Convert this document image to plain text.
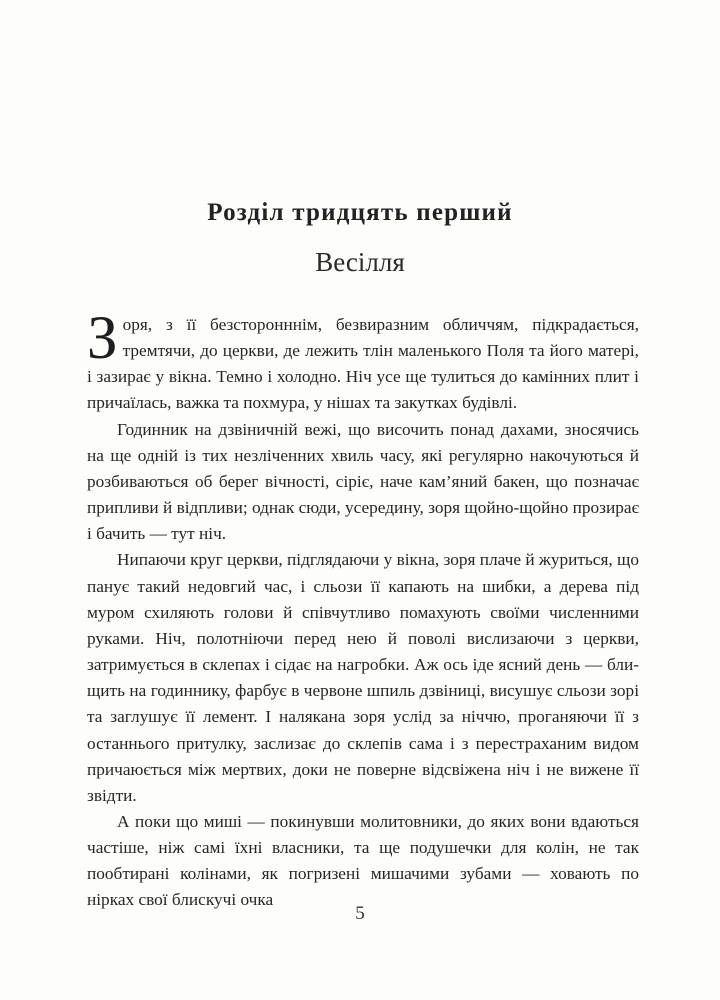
Розділ тридцять перший
Весілля

Зоря, з її безсторонннім, безвиразним обличчям, підкрадається, тремтячи, до церкви, де лежить тлін маленького Поля та його матері, і зазирає у вікна. Темно і холодно. Ніч усе ще тулиться до камінних плит і причаїлась, важка та похмура, у нішах та закутках будівлі.

Годинник на дзвіничній вежі, що височить понад дахами, зносячись на ще одній із тих незліченних хвиль часу, які регулярно накочуються й розбиваються об берег вічності, сіріє, наче кам’яний бакен, що позначає припливи й відпливи; однак сюди, усередину, зоря щойно-щойно прозирає і бачить — тут ніч.

Нипаючи круг церкви, підглядаючи у вікна, зоря плаче й журиться, що панує такий недовгий час, і сльози її капають на шибки, а дерева під муром схиляють голови й співчутливо помахують своїми численними руками. Ніч, полотніючи перед нею й поволі вислизаючи з церкви, затримується в склепах і сідає на нагробки. Аж ось іде ясний день — блищить на годиннику, фарбує в червоне шпиль дзвіниці, висушує сльози зорі та заглушує її лемент. І налякана зоря услід за ніччю, проганяючи її з останнього притулку, заслизає до склепів сама і з перестраханим видом причаюється між мертвих, доки не поверне відсвіжена ніч і не вижене її звідти.

А поки що миші — покинувши молитовники, до яких вони вдаються частіше, ніж самі їхні власники, та ще подушечки для колін, не так пообтирані колінами, як погризені мишачими зубами — ховають по нірках свої блискучі очка

5
